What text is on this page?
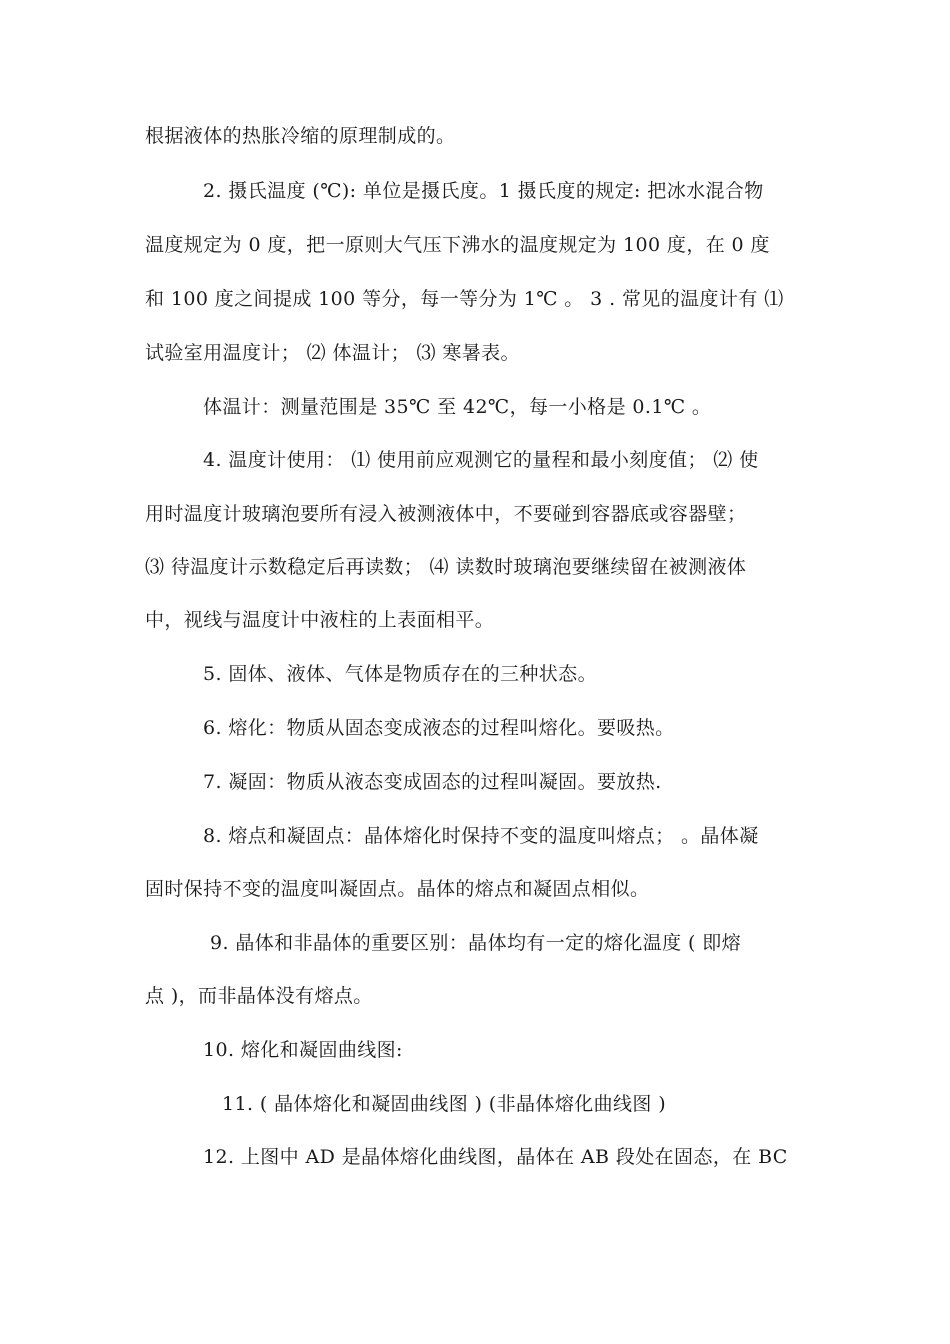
根据液体的热胀冷缩的原理制成的。
2. 摄氏温度 (℃): 单位是摄氏度。1 摄氏度的规定: 把冰水混合物
温度规定为 0 度，把一原则大气压下沸水的温度规定为 100 度，在 0 度
和 100 度之间提成 100 等分，每一等分为 1℃ 。 3 . 常见的温度计有 ⑴
试验室用温度计； ⑵ 体温计； ⑶ 寒暑表。
体温计：测量范围是 35℃ 至 42℃，每一小格是 0.1℃ 。
4. 温度计使用： ⑴ 使用前应观测它的量程和最小刻度值； ⑵ 使
用时温度计玻璃泡要所有浸入被测液体中，不要碰到容器底或容器壁；
⑶ 待温度计示数稳定后再读数； ⑷ 读数时玻璃泡要继续留在被测液体
中，视线与温度计中液柱的上表面相平。
5. 固体、液体、气体是物质存在的三种状态。
6. 熔化：物质从固态变成液态的过程叫熔化。要吸热。
7. 凝固：物质从液态变成固态的过程叫凝固。要放热.
8. 熔点和凝固点：晶体熔化时保持不变的温度叫熔点； 。晶体凝
固时保持不变的温度叫凝固点。晶体的熔点和凝固点相似。
9. 晶体和非晶体的重要区别：晶体均有一定的熔化温度 ( 即熔
点 )，而非晶体没有熔点。
10. 熔化和凝固曲线图:
11. ( 晶体熔化和凝固曲线图 ) (非晶体熔化曲线图 )
12. 上图中 AD 是晶体熔化曲线图，晶体在 AB 段处在固态，在 BC
